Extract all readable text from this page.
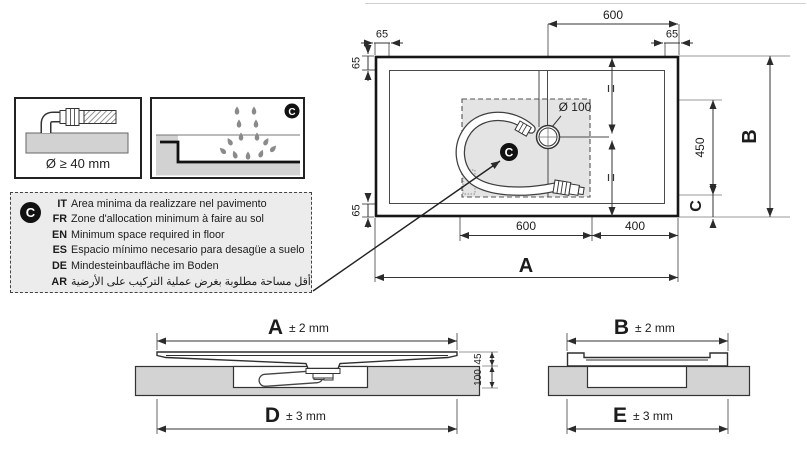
C
Ø 100
600
65	65
65
65
450
C
B
600	400
A
A ± 2 mm
45
100
D ± 3 mm
B ± 2 mm
E ± 3 mm
Ø ≥ 40 mm
C
C
IT Area minima da realizzare nel pavimento
FR Zone d'allocation minimum à faire au sol
EN Minimum space required in floor
ES Espacio mínimo necesario para desagüe a suelo
DE Mindesteinbaufläche im Boden
AR أقل مساحة مطلوبة بغرض عملية التركيب على الأرضية
